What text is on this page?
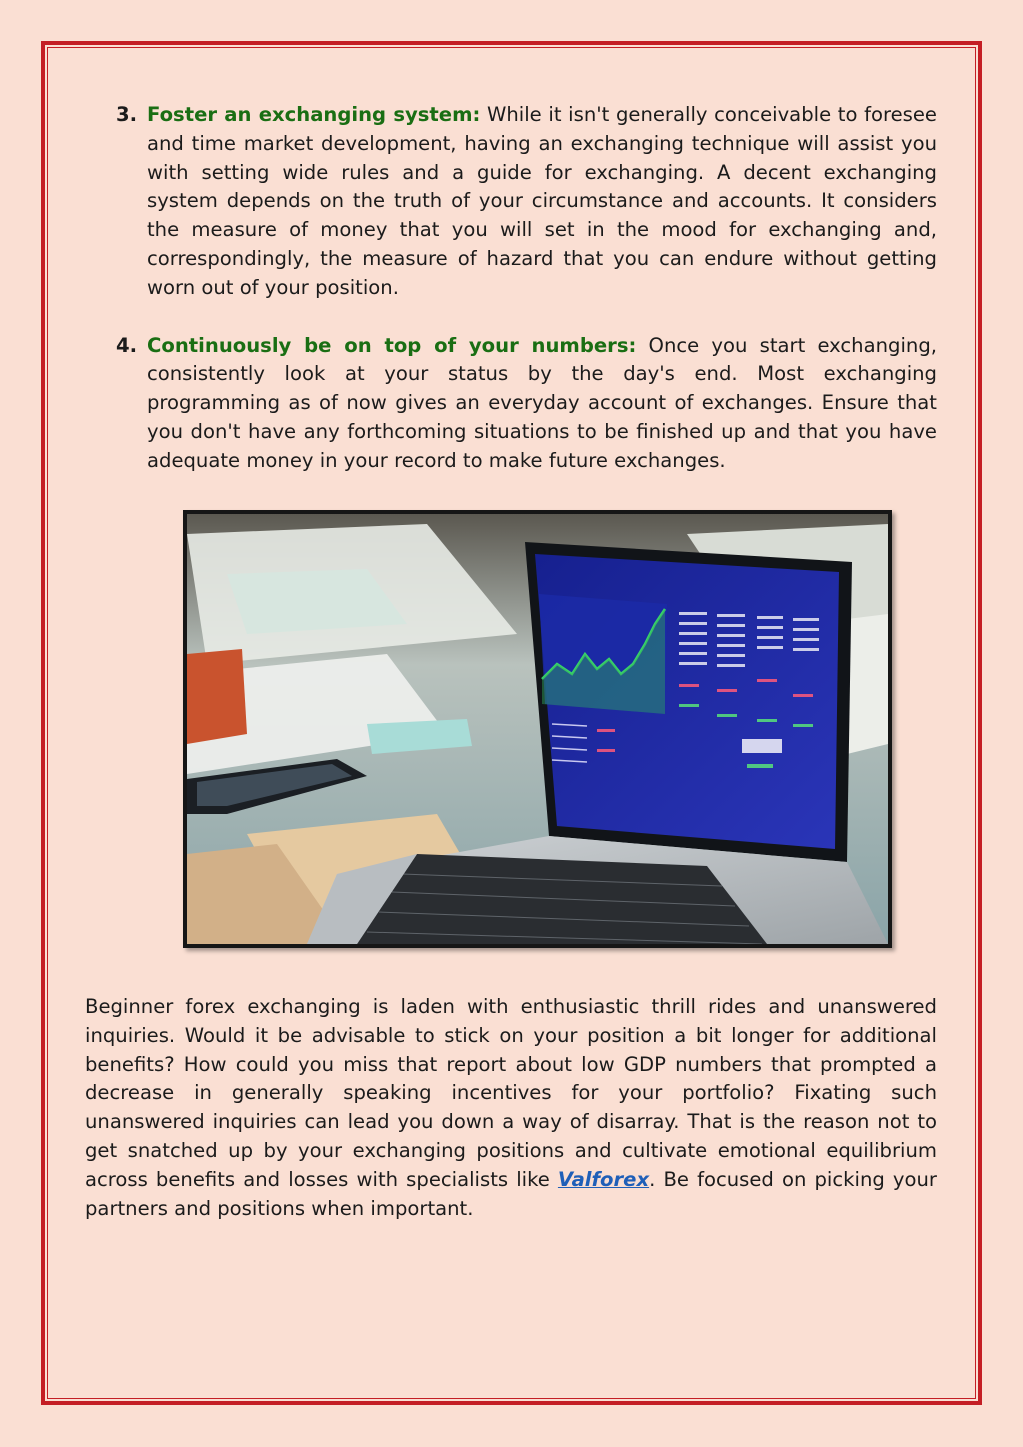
3. Foster an exchanging system: While it isn't generally conceivable to foresee and time market development, having an exchanging technique will assist you with setting wide rules and a guide for exchanging. A decent exchanging system depends on the truth of your circumstance and accounts. It considers the measure of money that you will set in the mood for exchanging and, correspondingly, the measure of hazard that you can endure without getting worn out of your position.
4. Continuously be on top of your numbers: Once you start exchanging, consistently look at your status by the day's end. Most exchanging programming as of now gives an everyday account of exchanges. Ensure that you don't have any forthcoming situations to be finished up and that you have adequate money in your record to make future exchanges.

Beginner forex exchanging is laden with enthusiastic thrill rides and unanswered inquiries. Would it be advisable to stick on your position a bit longer for additional benefits? How could you miss that report about low GDP numbers that prompted a decrease in generally speaking incentives for your portfolio? Fixating such unanswered inquiries can lead you down a way of disarray. That is the reason not to get snatched up by your exchanging positions and cultivate emotional equilibrium across benefits and losses with specialists like Valforex. Be focused on picking your partners and positions when important.
